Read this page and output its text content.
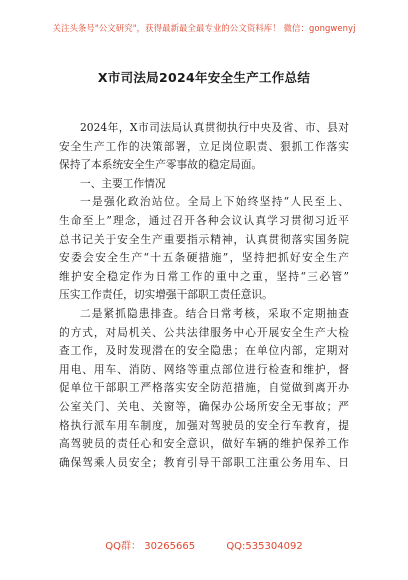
关注头条号"公文研究"，获得最新最全最专业的公文资料库！ 微信：gongwenyj
X市司法局2024年安全生产工作总结
2024年，X市司法局认真贯彻执行中央及省、市、县对
安全生产工作的决策部署，立足岗位职责、狠抓工作落实
保持了本系统安全生产零事故的稳定局面。
一、主要工作情况
一是强化政治站位。全局上下始终坚持“人民至上、
生命至上”理念，通过召开各种会议认真学习贯彻习近平
总书记关于安全生产重要指示精神，认真贯彻落实国务院
安委会安全生产“十五条硬措施”，坚持把抓好安全生产
维护安全稳定作为日常工作的重中之重，坚持“三必管”
压实工作责任，切实增强干部职工责任意识。
二是紧抓隐患排查。结合日常考核，采取不定期抽查
的方式，对局机关、公共法律服务中心开展安全生产大检
查工作，及时发现潜在的安全隐患；在单位内部，定期对
用电、用车、消防、网络等重点部位进行检查和维护，督
促单位干部职工严格落实安全防范措施，自觉做到离开办
公室关门、关电、关窗等，确保办公场所安全无事故；严
格执行派车用车制度，加强对驾驶员的安全行车教育，提
高驾驶员的责任心和安全意识，做好车辆的维护保养工作
确保驾乘人员安全；教育引导干部职工注重公务用车、日
QQ群： 30265665	QQ:535304092
